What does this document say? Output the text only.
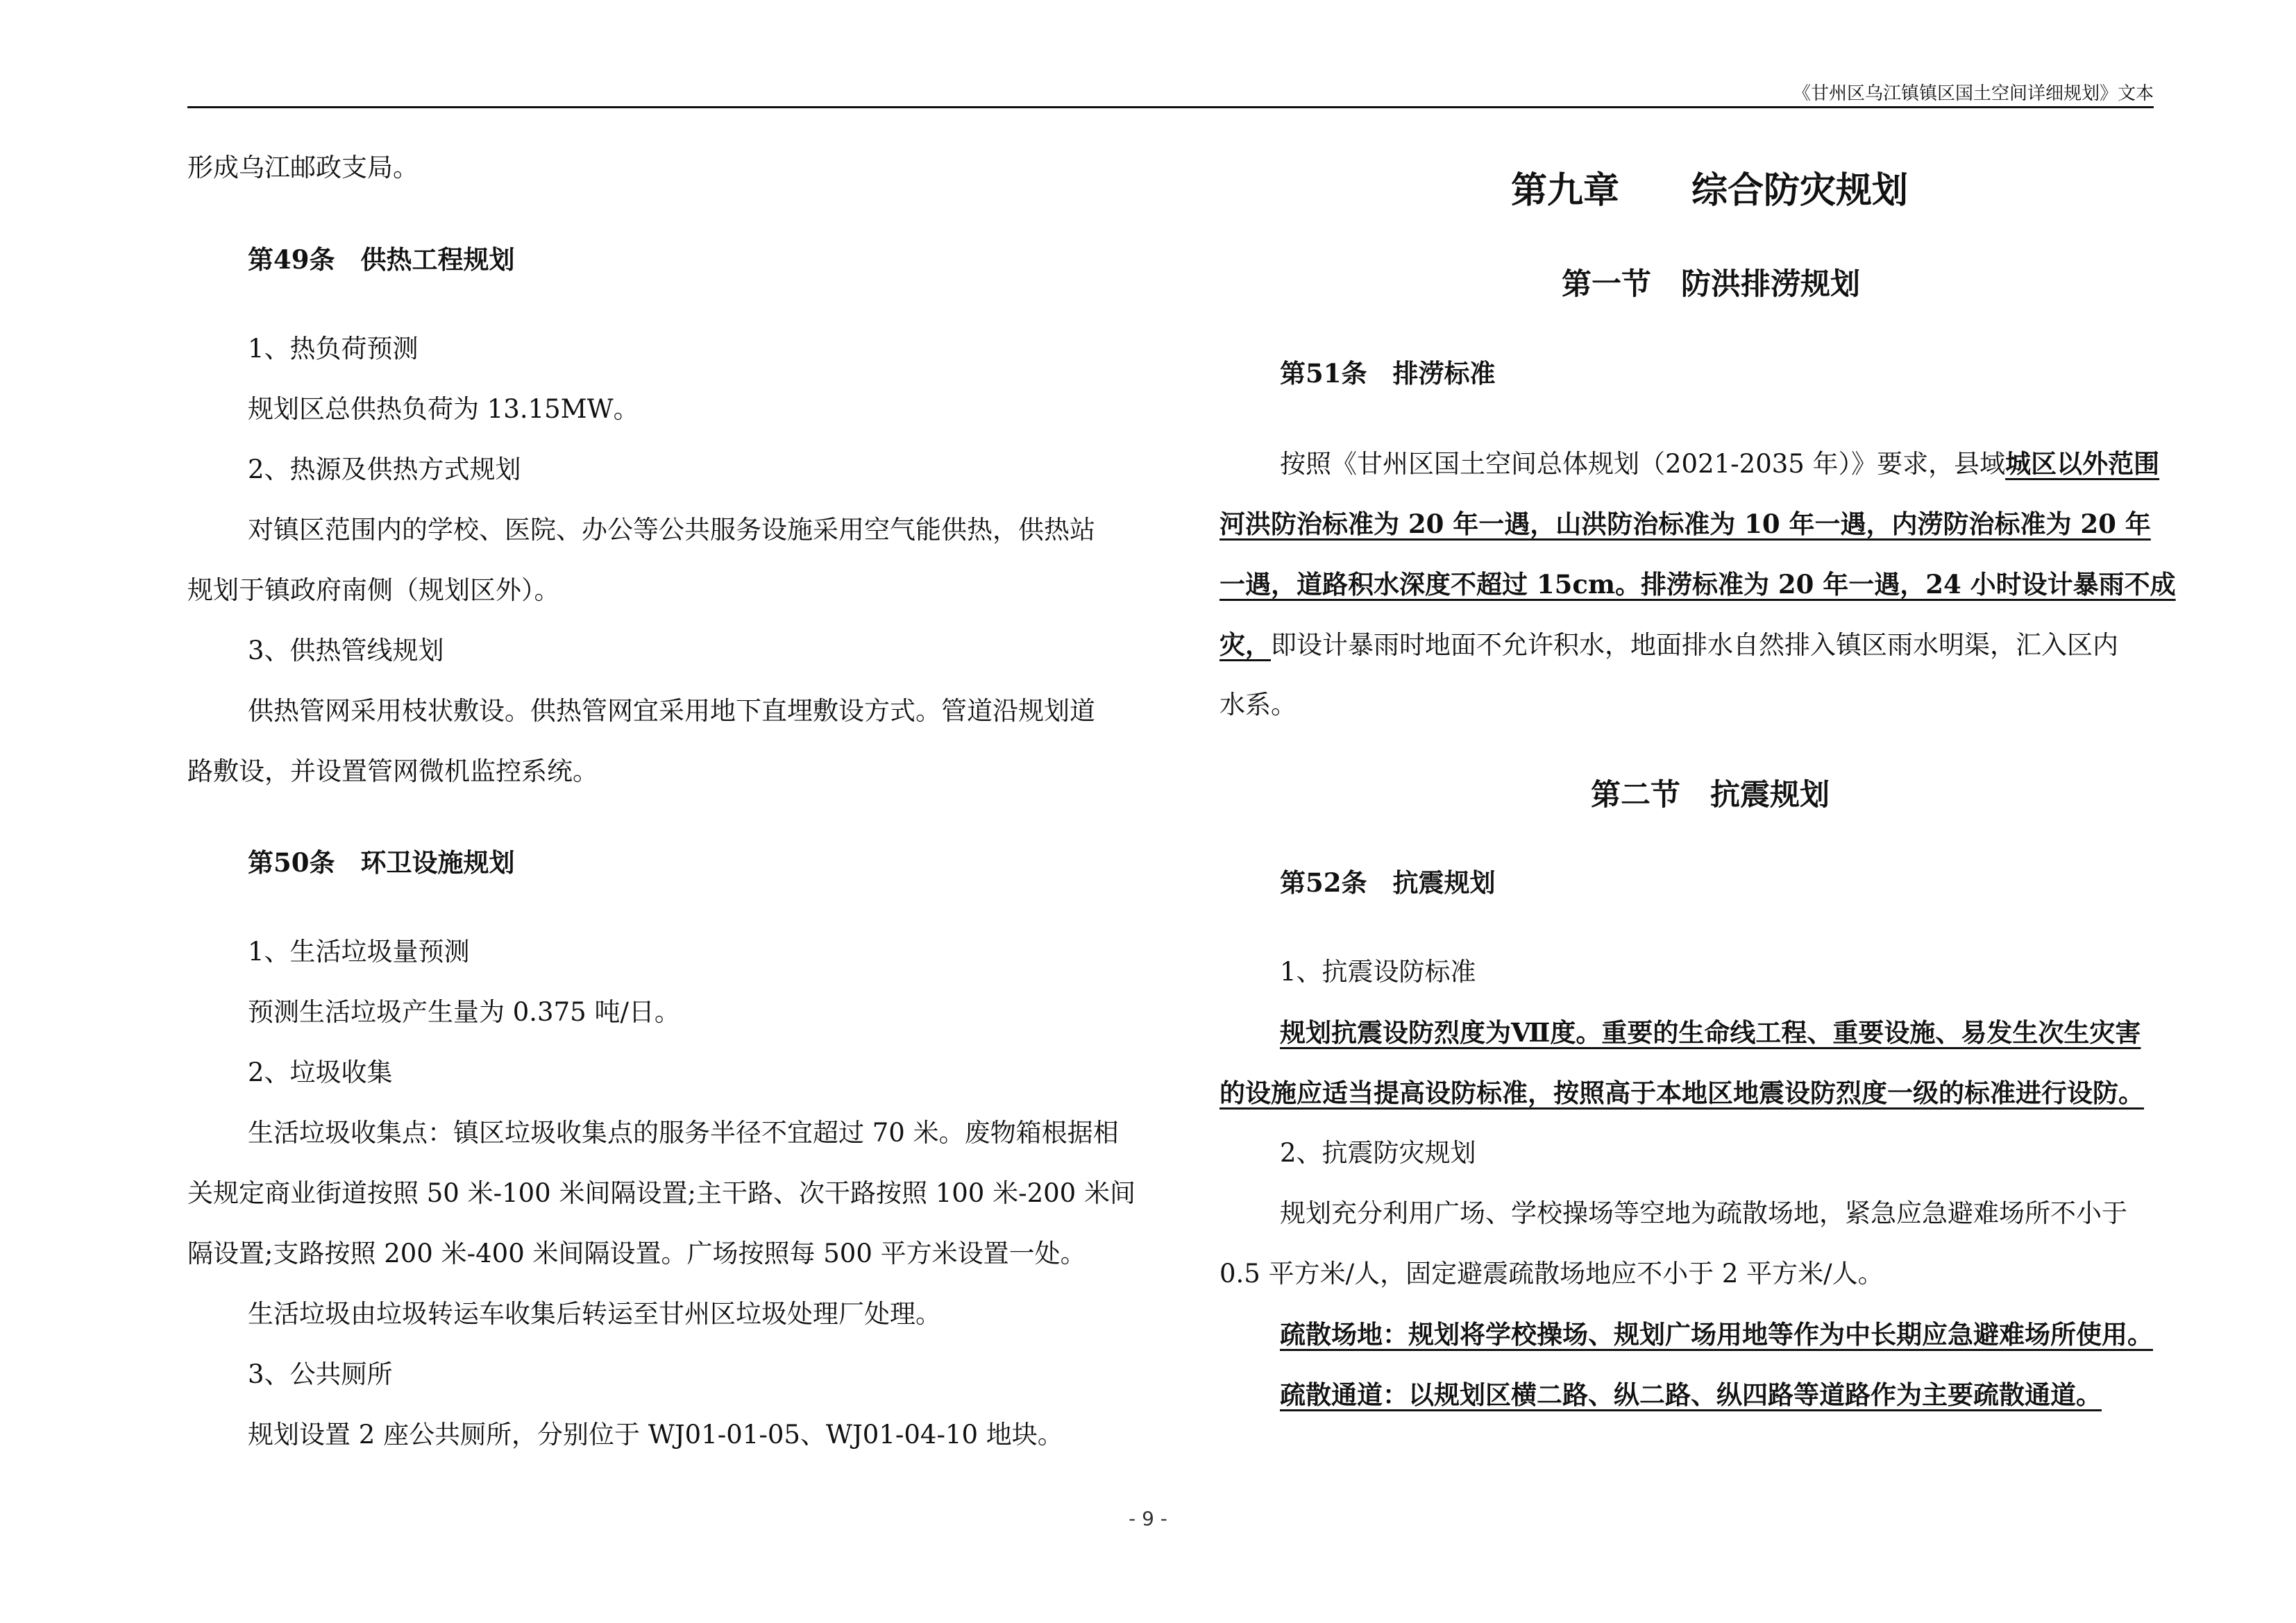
《甘州区乌江镇镇区国土空间详细规划》文本
形成乌江邮政支局。
第49条　供热工程规划
1、热负荷预测
规划区总供热负荷为 13.15MW。
2、热源及供热方式规划
对镇区范围内的学校、医院、办公等公共服务设施采用空气能供热，供热站
规划于镇政府南侧（规划区外）。
3、供热管线规划
供热管网采用枝状敷设。供热管网宜采用地下直埋敷设方式。管道沿规划道
路敷设，并设置管网微机监控系统。
第50条　环卫设施规划
1、生活垃圾量预测
预测生活垃圾产生量为 0.375 吨/日。
2、垃圾收集
生活垃圾收集点：镇区垃圾收集点的服务半径不宜超过 70 米。废物箱根据相
关规定商业街道按照 50 米-100 米间隔设置;主干路、次干路按照 100 米-200 米间
隔设置;支路按照 200 米-400 米间隔设置。广场按照每 500 平方米设置一处。
生活垃圾由垃圾转运车收集后转运至甘州区垃圾处理厂处理。
3、公共厕所
规划设置 2 座公共厕所，分别位于 WJ01-01-05、WJ01-04-10 地块。
第九章　　综合防灾规划
第一节　防洪排涝规划
第51条　排涝标准
按照《甘州区国土空间总体规划（2021-2035 年）》要求，县域城区以外范围
河洪防治标准为 20 年一遇，山洪防治标准为 10 年一遇，内涝防治标准为 20 年
一遇，道路积水深度不超过 15cm。排涝标准为 20 年一遇，24 小时设计暴雨不成
灾，即设计暴雨时地面不允许积水，地面排水自然排入镇区雨水明渠，汇入区内
水系。
第二节　抗震规划
第52条　抗震规划
1、抗震设防标准
规划抗震设防烈度为Ⅶ度。重要的生命线工程、重要设施、易发生次生灾害
的设施应适当提高设防标准，按照高于本地区地震设防烈度一级的标准进行设防。
2、抗震防灾规划
规划充分利用广场、学校操场等空地为疏散场地，紧急应急避难场所不小于
0.5 平方米/人，固定避震疏散场地应不小于 2 平方米/人。
疏散场地：规划将学校操场、规划广场用地等作为中长期应急避难场所使用。
疏散通道：以规划区横二路、纵二路、纵四路等道路作为主要疏散通道。
- 9 -
